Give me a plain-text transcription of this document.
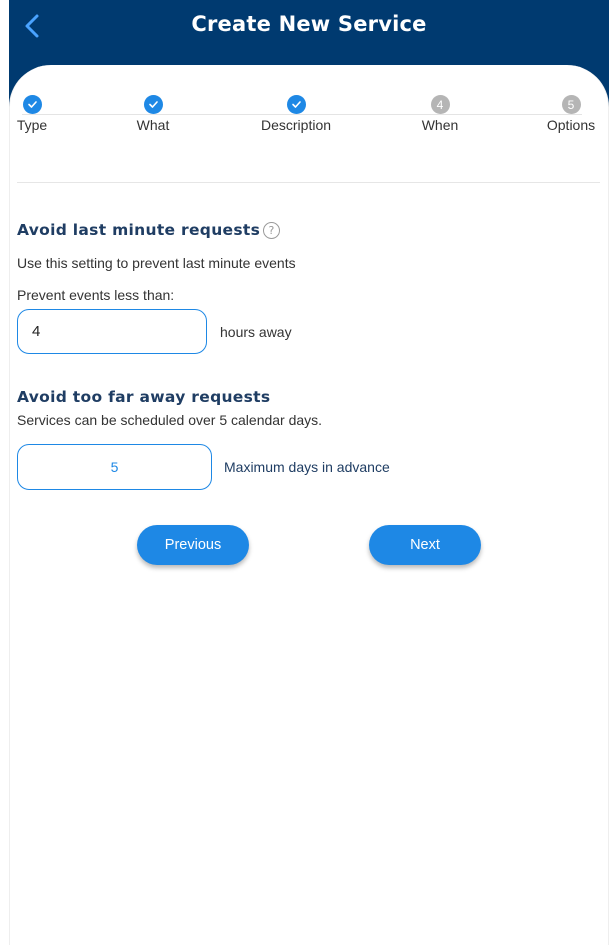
Create New Service
Type	What	Description
4
When
5
Options
Avoid last minute requests ?
Use this setting to prevent last minute events
Prevent events less than:
4
hours away
Avoid too far away requests
Services can be scheduled over 5 calendar days.
5
Maximum days in advance
Previous	Next
